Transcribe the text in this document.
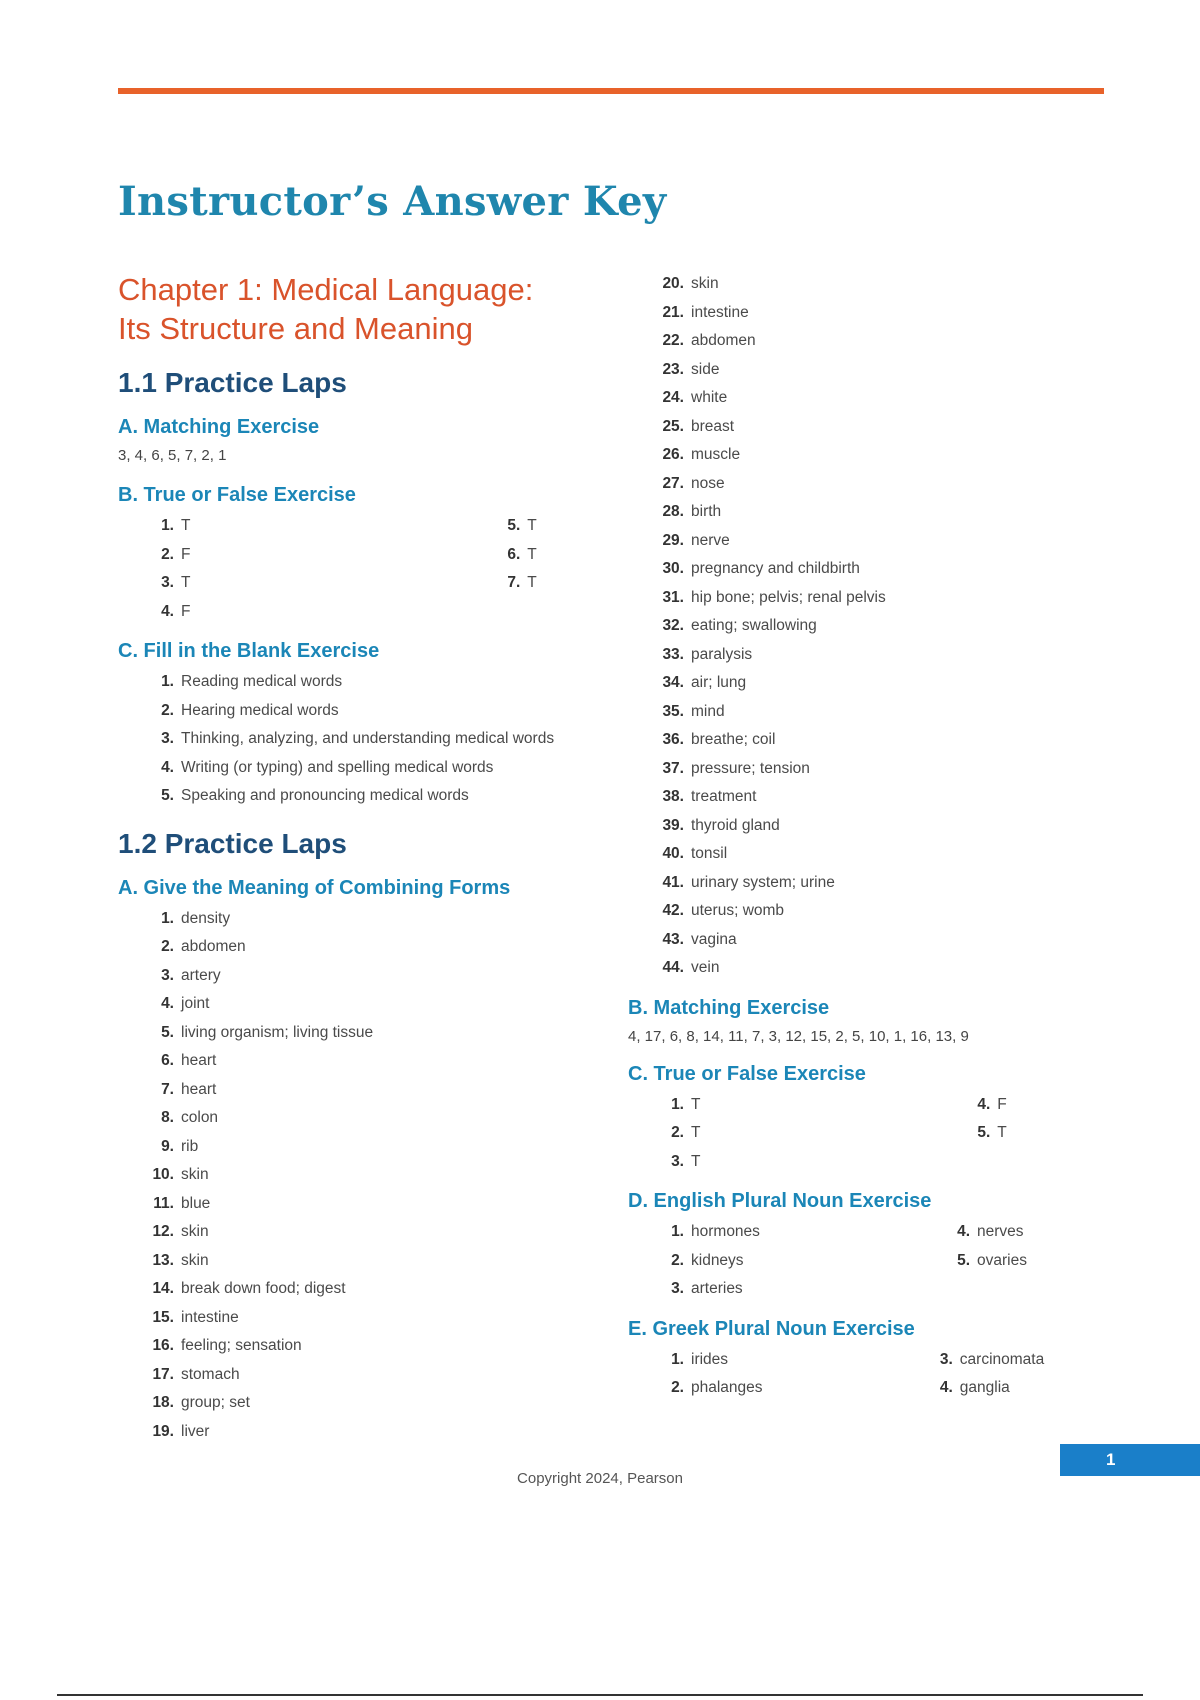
Instructor’s Answer Key
Chapter 1: Medical Language:
Its Structure and Meaning
1.1 Practice Laps
A. Matching Exercise
3, 4, 6, 5, 7, 2, 1
B. True or False Exercise
1. T
2. F
3. T
4. F
5. T
6. T
7. T
C. Fill in the Blank Exercise
1. Reading medical words
2. Hearing medical words
3. Thinking, analyzing, and understanding medical words
4. Writing (or typing) and spelling medical words
5. Speaking and pronouncing medical words
1.2 Practice Laps
A. Give the Meaning of Combining Forms
1. density
2. abdomen
3. artery
4. joint
5. living organism; living tissue
6. heart
7. heart
8. colon
9. rib
10. skin
11. blue
12. skin
13. skin
14. break down food; digest
15. intestine
16. feeling; sensation
17. stomach
18. group; set
19. liver
20. skin
21. intestine
22. abdomen
23. side
24. white
25. breast
26. muscle
27. nose
28. birth
29. nerve
30. pregnancy and childbirth
31. hip bone; pelvis; renal pelvis
32. eating; swallowing
33. paralysis
34. air; lung
35. mind
36. breathe; coil
37. pressure; tension
38. treatment
39. thyroid gland
40. tonsil
41. urinary system; urine
42. uterus; womb
43. vagina
44. vein
B. Matching Exercise
4, 17, 6, 8, 14, 11, 7, 3, 12, 15, 2, 5, 10, 1, 16, 13, 9
C. True or False Exercise
1. T
2. T
3. T
4. F
5. T
D. English Plural Noun Exercise
1. hormones
2. kidneys
3. arteries
4. nerves
5. ovaries
E. Greek Plural Noun Exercise
1. irides
2. phalanges
3. carcinomata
4. ganglia
1
Copyright 2024, Pearson
